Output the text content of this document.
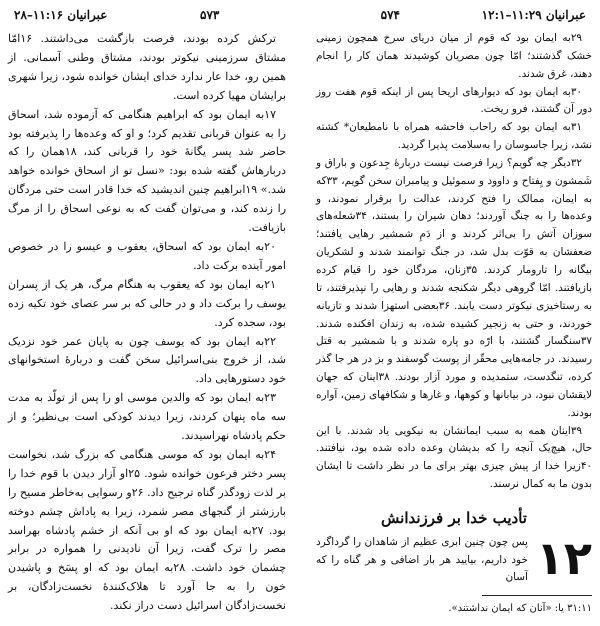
عبرانیان ۱۱:۲۹–۱۲:۱
۵۷۴
۵۷۳
عبرانیان ۱۱:۱۶–۲۸

ترکش کرده بودند، فرصت بازگشت می‌داشتند. ۱۶امّا مشتاق سرزمینی نیکوتر بودند، مشتاق وطنی آسمانی. از همین رو، خدا عار ندارد خدای ایشان خوانده شود، زیرا شهری برایشان مهیا کرده است.

۱۷به ایمان بود که ابراهیم هنگامی که آزموده شد، اسحاق را به عنوان قربانی تقدیم کرد؛ و او که وعده‌ها را پذیرفته بود حاضر شد پسر یگانهٔ خود را قربانی کند، ۱۸همان را که دربارهاش گفته شده بود: «نسل تو از اسحاق خوانده خواهد شد.» ۱۹ابراهیم چنین اندیشید که خدا قادر است حتی مردگان را زنده کند، و می‌توان گفت که به نوعی اسحاق را از مرگ بازیافت.

۲۰به ایمان بود که اسحاق، یعقوب و عیسو را در خصوص امور آینده برکت داد.

۲۱به ایمان بود که یعقوب به هنگام مرگ، هر یک از پسران یوسف را برکت داد و در حالی که بر سر عصای خود تکیه زده بود، سجده کرد.

۲۲به ایمان بود که یوسف چون به پایان عمر خود نزدیک شد، از خروج بنی‌اسرائیل سخن گفت و دربارهٔ استخوانهای خود دستورهایی داد.

۲۳به ایمان بود که والدین موسی او را پس از تولّد به مدت سه ماه پنهان کردند، زیرا دیدند کودکی است بی‌نظیر؛ و از حکم پادشاه نهراسیدند.

۲۴به ایمان بود که موسی هنگامی که بزرگ شد، نخواست پسر دختر فرعون خوانده شود. ۲۵او آزار دیدن با قوم خدا را بر لذت زودگذر گناه ترجیح داد. ۲۶و رسوایی به‌خاطر مسیح را بارزشتر از گنجهای مصر شمرد، زیرا به پاداش چشم دوخته بود. ۲۷به ایمان بود که او بی آنکه از خشم پادشاه بهراسد مصر را ترک گفت، زیرا آن نادیدنی را همواره در برابر چشمان خود داشت. ۲۸به ایمان بود که او پسَخ و پاشیدن خون را به جا آورد تا هلاک‌کنندهٔ نخست‌زادگان، بر نخست‌زادگان اسرائیل دست دراز نکند.

۲۹به ایمان بود که قوم از میان دریای سرخ همچون زمینی خشک گذشتند؛ امّا چون مصریان کوشیدند همان کار را انجام دهند، غرق شدند.

۳۰به ایمان بود که دیوارهای اریحا پس از اینکه قوم هفت روز دور آن گشتند، فرو ریخت.

۳۱به ایمان بود که راحاب فاحشه همراه با نامطیعان* کشته نشد، زیرا جاسوسان را به‌سلامت پذیرا گردید.

۳۲دیگر چه گویم؟ زیرا فرصت نیست دربارهٔ جِدعون و باراق و شَمشون و یِفتاح و داوود و سموئیل و پیامبران سخن گویم، ۳۳که به ایمان، ممالک را فتح کردند، عدالت را برقرار نمودند، و وعده‌ها را به چنگ آوردند؛ دهان شیران را بستند، ۳۴شعله‌های سوزان آتش را بی‌اثر کردند و از دَمِ شمشیر رهایی یافتند؛ ضعفشان به قوّت بدل شد، در جنگ توانمند شدند و لشکریان بیگانه را تارومار کردند. ۳۵زنان، مردگان خود را قیام کرده بازیافتند. امّا گروهی دیگر شکنجه شدند و رهایی را نپذیرفتند، تا به رستاخیزی نیکوتر دست یابند. ۳۶بعضی استهزا شدند و تازیانه خوردند، و حتی به زنجیر کشیده شده، به زندان افکنده شدند. ۳۷سنگسار گشتند، با ارّه دو پاره شدند و با شمشیر به قتل رسیدند. در جامه‌هایی محقّر از پوست گوسفند و بز در هر جا گذر کرده، تنگدست، ستمدیده و مورد آزار بودند. ۳۸اینان که جهان لایقشان نبود، در بیابانها و کوهها، و غارها و شکافهای زمین، آواره بودند.

۳۹اینان همه به سبب ایمانشان به نیکویی یاد شدند. با این حال، هیچ‌یک آنچه را که بدیشان وعده داده شده بود، نیافتند. ۴۰زیرا خدا از پیش چیزی بهتر برای ما در نظر داشت تا ایشان بدون ما به کمال نرسند.

تأدیب خدا بر فرزندانش
۱۲

پس چون چنین ابری عظیم از شاهدان را گرداگرد خود داریم، بیایید هر بار اضافی و هر گناه را که آسان

۳۱:۱۱ یا: «آنان که ایمان نداشتند».
